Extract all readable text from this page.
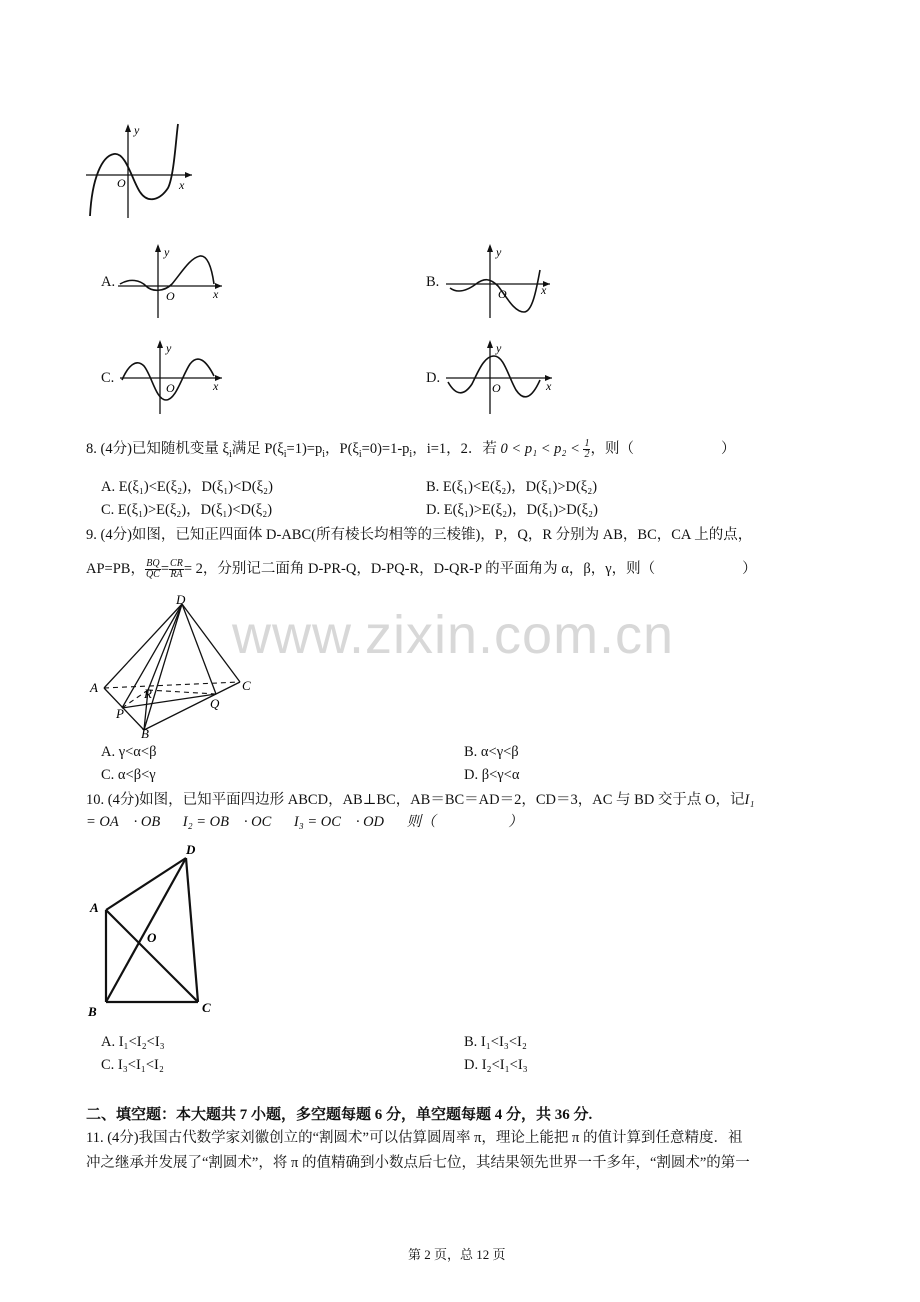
www.zixin.com.cn
y
x
O
A.
y
x
O
B.
y
x
O
C.
y
x
O
D.
y
x
O
8. (4分)已知随机变量 $\xi_i$满足 $P(\xi_i=1)=p_i$，$P(\xi_i=0)=1-p_i$，i=1，2．若 $0 < p_1 < p_2 < \frac{1}{2}$ ，则（　　　　　　）
A. E(ξ₁)<E(ξ₂)，D(ξ₁)<D(ξ₂)	B. E(ξ₁)<E(ξ₂)，D(ξ₁)>D(ξ₂)
C. E(ξ₁)>E(ξ₂)，D(ξ₁)<D(ξ₂)	D. E(ξ₁)>E(ξ₂)，D(ξ₁)>D(ξ₂)
9. (4分)如图，已知正四面体 D-ABC(所有棱长均相等的三棱锥)，P，Q，R 分别为 AB，BC，CA 上的点，
AP=PB， $\frac{BQ}{QC} = \frac{CR}{RA} = 2$，分别记二面角 D-PR-Q，D-PQ-R，D-QR-P 的平面角为 α，β，γ，则（　　　　　　）
D
A	C
R
P
Q
B
A. γ<α<β	B. α<γ<β
C. α<β<γ	D. β<γ<α
10. (4分)如图，已知平面四边形 ABCD，AB⊥BC，AB＝BC＝AD＝2，CD＝3，AC 与 BD 交于点 O，记I₁
= OA⃗ · OB⃗，I₂ = OB⃗ · OC⃗，I₃ = OC⃗ · OD⃗，则（　　　　　）
D
A
O
B	C
A. I₁<I₂<I₃	B. I₁<I₃<I₂
C. I₃<I₁<I₂	D. I₂<I₁<I₃
二、填空题：本大题共 7 小题，多空题每题 6 分，单空题每题 4 分，共 36 分.
11. (4分)我国古代数学家刘徽创立的“割圆术”可以估算圆周率 π，理论上能把 π 的值计算到任意精度．祖
冲之继承并发展了“割圆术”，将 π 的值精确到小数点后七位，其结果领先世界一千多年，“割圆术”的第一
第 2 页，总 12 页
